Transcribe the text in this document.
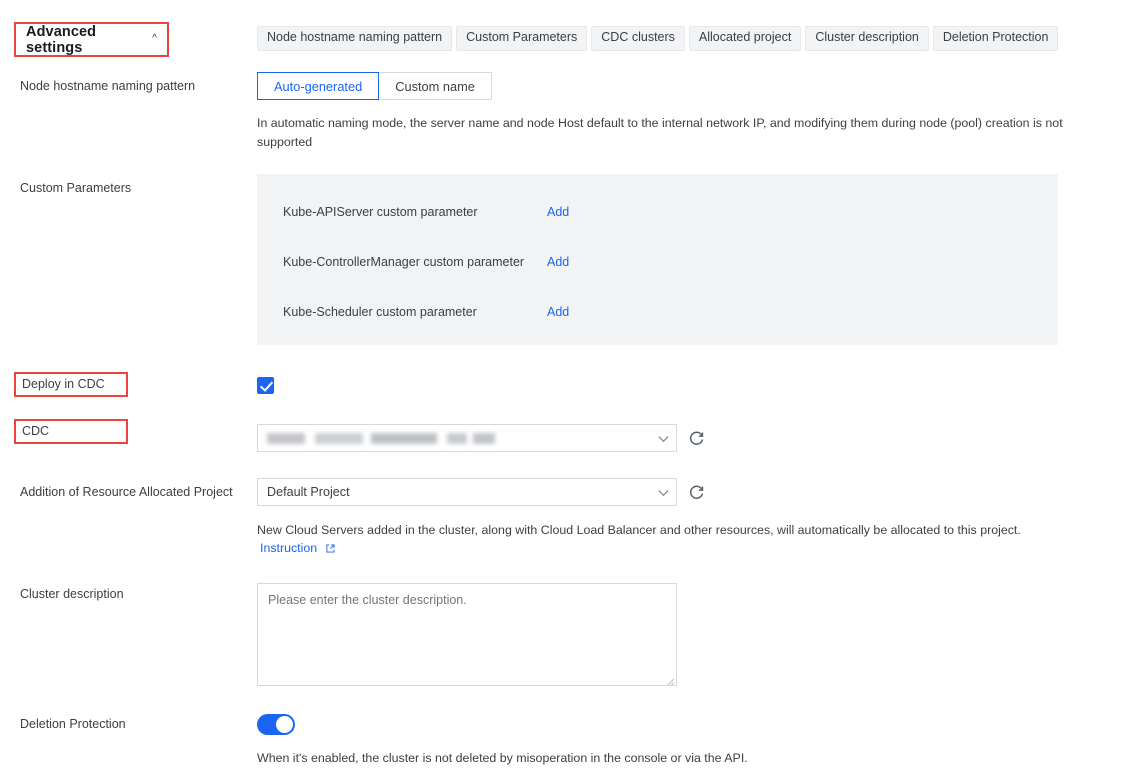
Advanced settings
^	Node hostname naming pattern	Custom Parameters	CDC clusters	Allocated project	Cluster description	Deletion Protection
Node hostname naming pattern	Auto-generated	Custom name
In automatic naming mode, the server name and node Host default to the internal network IP, and modifying them during node (pool) creation is not supported
Custom Parameters
Kube-APIServer custom parameter	Add
Kube-ControllerManager custom parameter Add
Kube-Scheduler custom parameter	Add
Deploy in CDC
CDC
Addition of Resource Allocated Project	Default Project
New Cloud Servers added in the cluster, along with Cloud Load Balancer and other resources, will automatically be allocated to this project.
Instruction
Cluster description
Please enter the cluster description.
Deletion Protection
When it's enabled, the cluster is not deleted by misoperation in the console or via the API.
